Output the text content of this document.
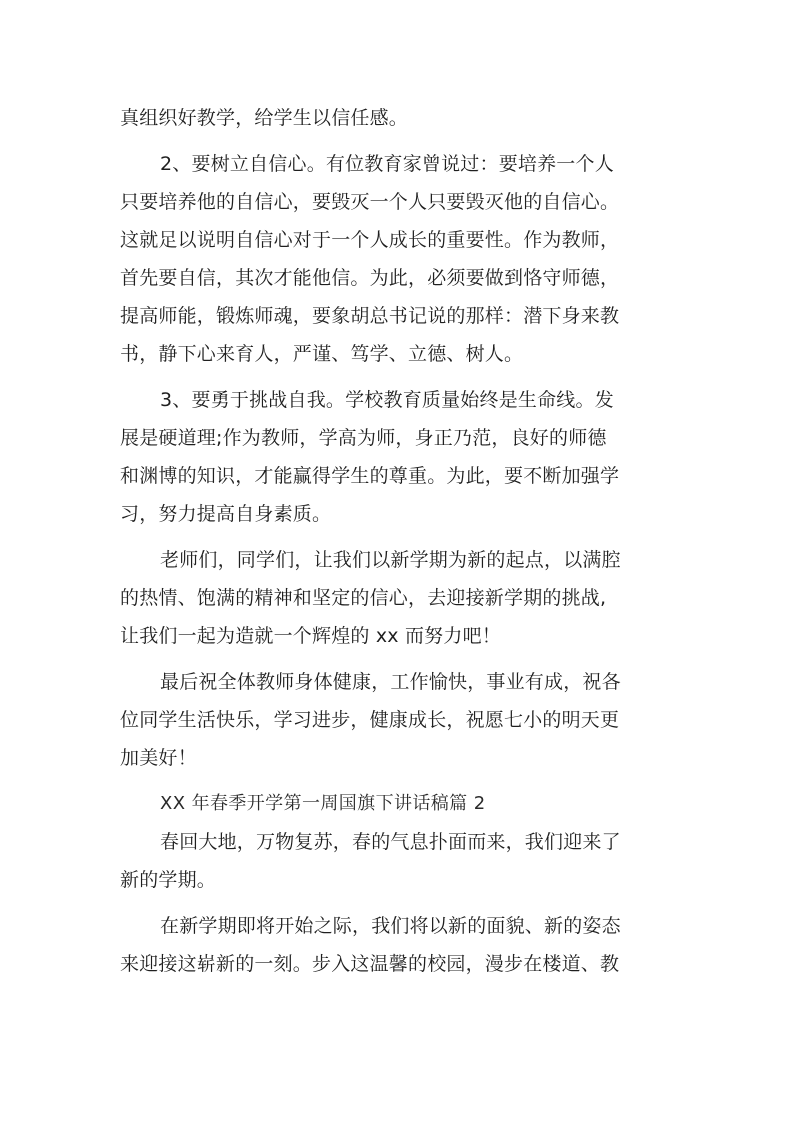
真组织好教学，给学生以信任感。
2、要树立自信心。有位教育家曾说过：要培养一个人
只要培养他的自信心，要毁灭一个人只要毁灭他的自信心。
这就足以说明自信心对于一个人成长的重要性。作为教师，
首先要自信，其次才能他信。为此，必须要做到恪守师德，
提高师能，锻炼师魂，要象胡总书记说的那样：潜下身来教
书，静下心来育人，严谨、笃学、立德、树人。
3、要勇于挑战自我。学校教育质量始终是生命线。发
展是硬道理;作为教师，学高为师，身正乃范，良好的师德
和渊博的知识，才能赢得学生的尊重。为此，要不断加强学
习，努力提高自身素质。
老师们，同学们，让我们以新学期为新的起点，以满腔
的热情、饱满的精神和坚定的信心，去迎接新学期的挑战,
让我们一起为造就一个辉煌的 xx 而努力吧！
最后祝全体教师身体健康，工作愉快，事业有成，祝各
位同学生活快乐，学习进步，健康成长，祝愿七小的明天更
加美好！
XX 年春季开学第一周国旗下讲话稿篇 2
春回大地，万物复苏，春的气息扑面而来，我们迎来了
新的学期。
在新学期即将开始之际，我们将以新的面貌、新的姿态
来迎接这崭新的一刻。步入这温馨的校园，漫步在楼道、教
